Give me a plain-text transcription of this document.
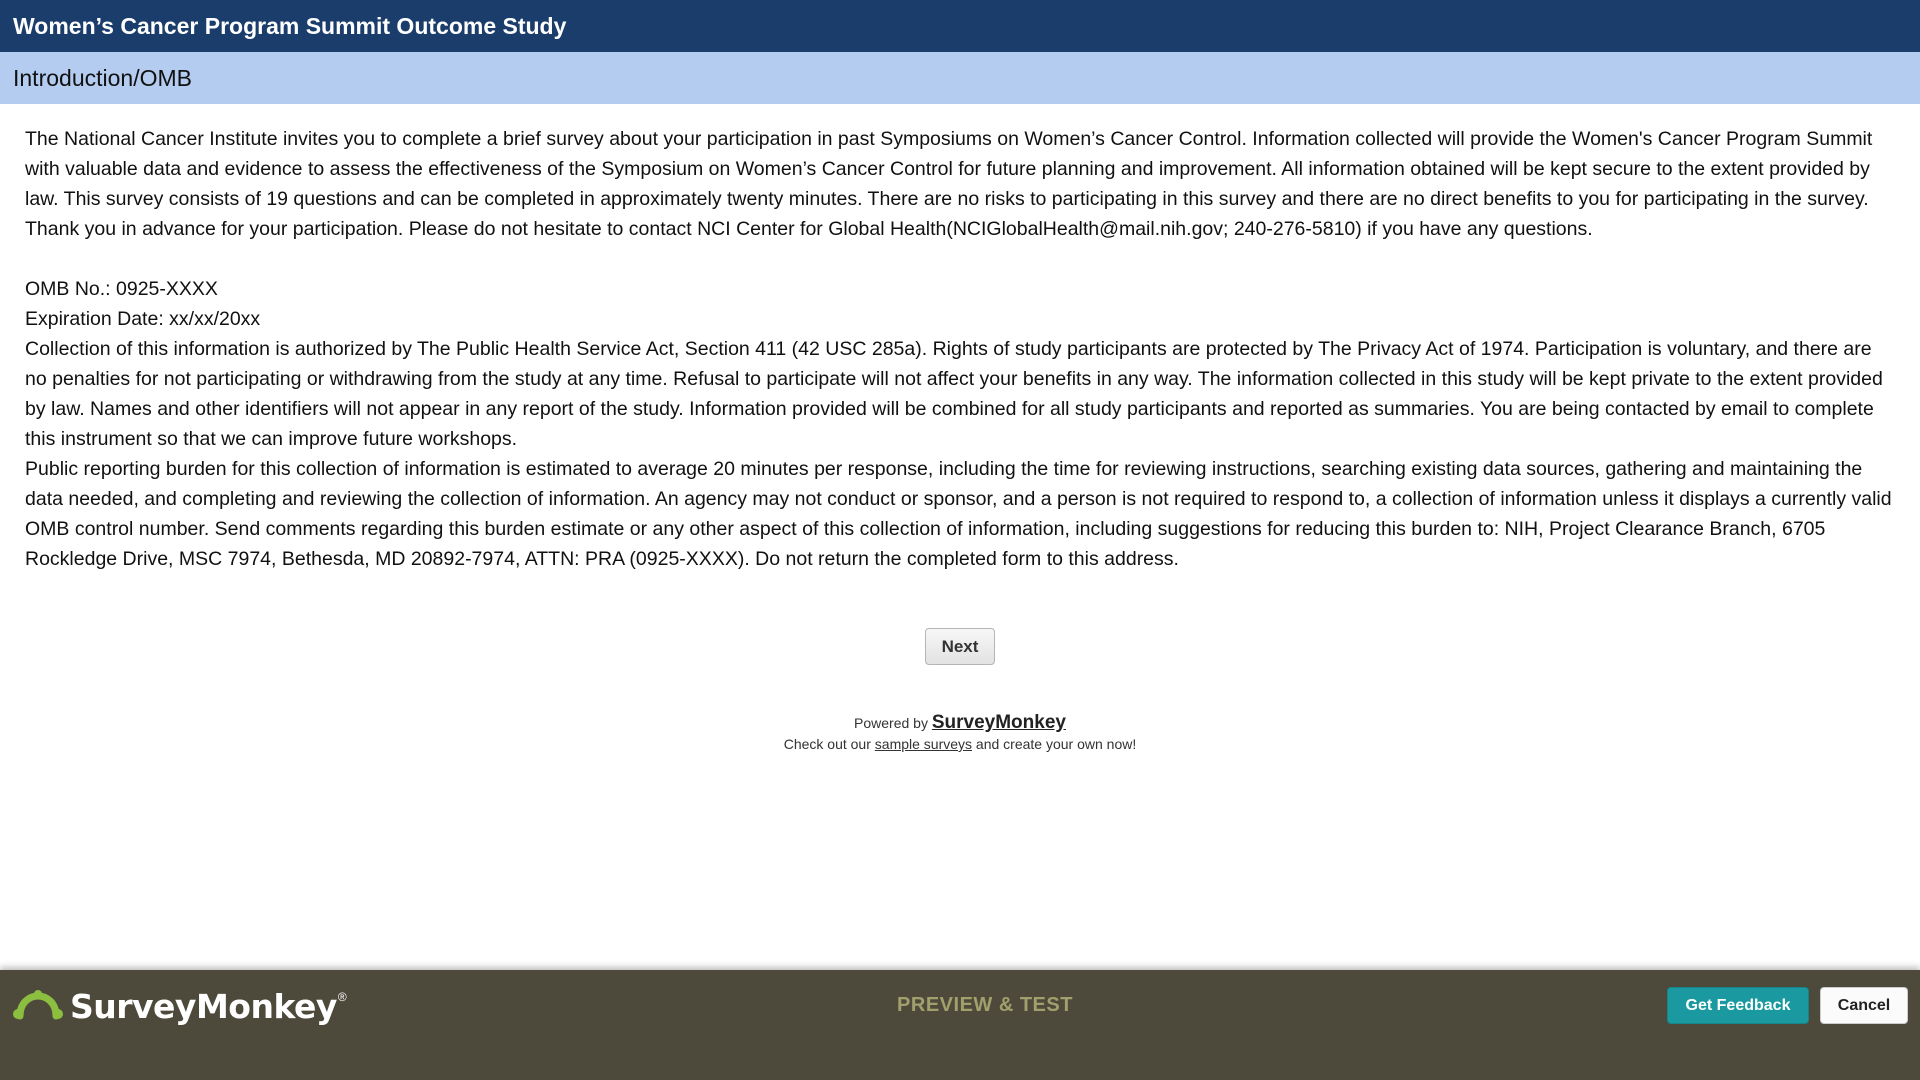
Women’s Cancer Program Summit Outcome Study
Introduction/OMB

The National Cancer Institute invites you to complete a brief survey about your participation in past Symposiums on Women’s Cancer Control. Information collected will provide the Women's Cancer Program Summit with valuable data and evidence to assess the effectiveness of the Symposium on Women’s Cancer Control for future planning and improvement. All information obtained will be kept secure to the extent provided by law. This survey consists of 19 questions and can be completed in approximately twenty minutes. There are no risks to participating in this survey and there are no direct benefits to you for participating in the survey. Thank you in advance for your participation. Please do not hesitate to contact NCI Center for Global Health(NCIGlobalHealth@mail.nih.gov; 240-276-5810) if you have any questions.

OMB No.: 0925-XXXX

Expiration Date: xx/xx/20xx

Collection of this information is authorized by The Public Health Service Act, Section 411 (42 USC 285a). Rights of study participants are protected by The Privacy Act of 1974. Participation is voluntary, and there are no penalties for not participating or withdrawing from the study at any time. Refusal to participate will not affect your benefits in any way. The information collected in this study will be kept private to the extent provided by law. Names and other identifiers will not appear in any report of the study. Information provided will be combined for all study participants and reported as summaries. You are being contacted by email to complete this instrument so that we can improve future workshops.

Public reporting burden for this collection of information is estimated to average 20 minutes per response, including the time for reviewing instructions, searching existing data sources, gathering and maintaining the data needed, and completing and reviewing the collection of information. An agency may not conduct or sponsor, and a person is not required to respond to, a collection of information unless it displays a currently valid OMB control number. Send comments regarding this burden estimate or any other aspect of this collection of information, including suggestions for reducing this burden to: NIH, Project Clearance Branch, 6705 Rockledge Drive, MSC 7974, Bethesda, MD 20892-7974, ATTN: PRA (0925-XXXX). Do not return the completed form to this address.

Next
Powered by SurveyMonkey
Check out our sample surveys and create your own now!
SurveyMonkey ®	PREVIEW & TEST	Get Feedback	Cancel
